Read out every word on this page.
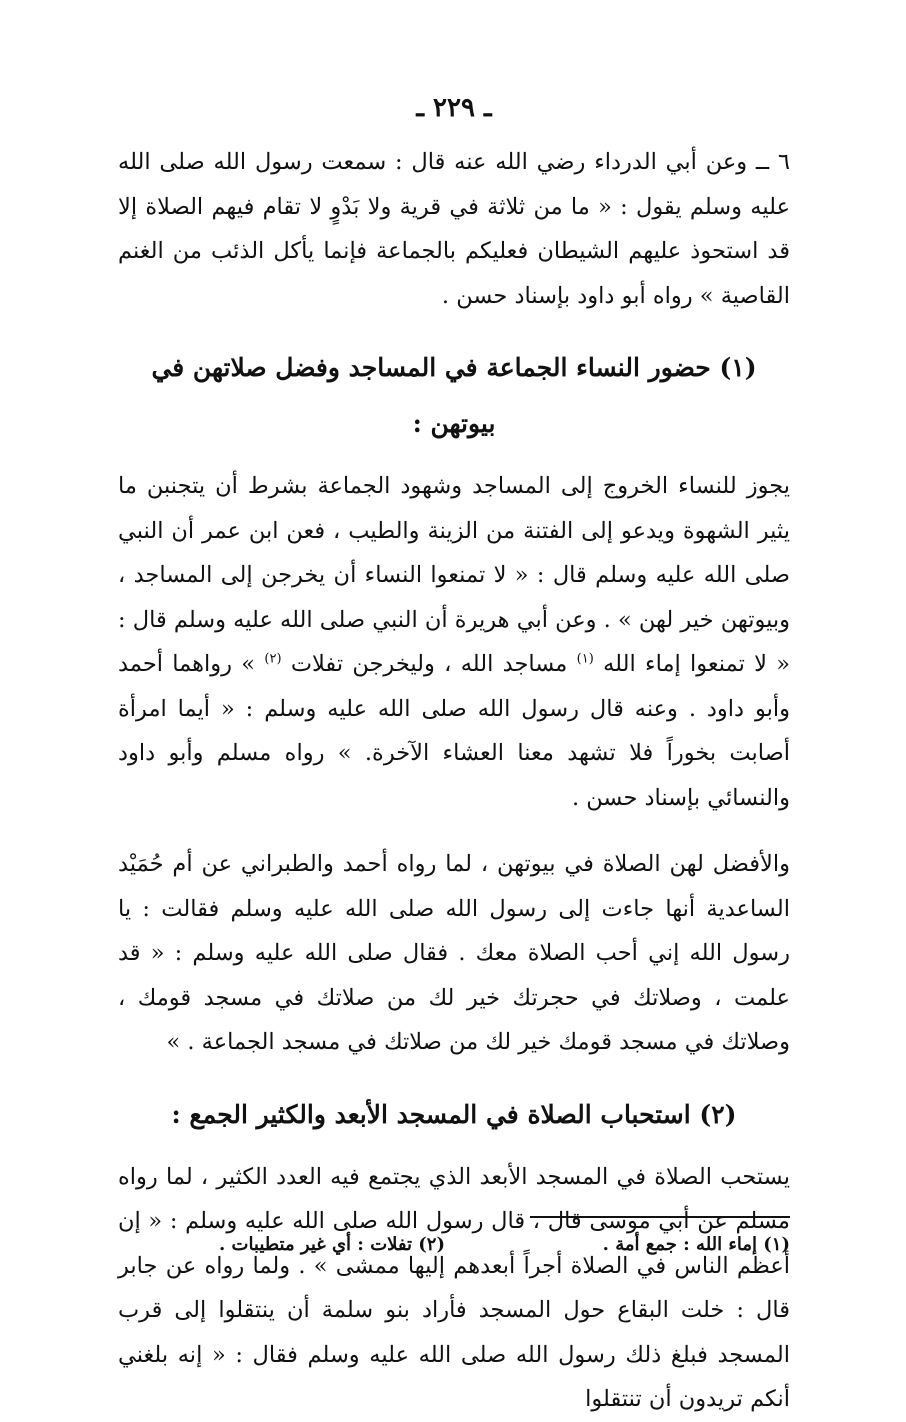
ـ ٢٢٩ ـ

٦ ــ وعن أبي الدرداء رضي الله عنه قال : سمعت رسول الله صلى الله عليه وسلم يقول : « ما من ثلاثة في قرية ولا بَدْوٍ لا تقام فيهم الصلاة إلا قد استحوذ عليهم الشيطان فعليكم بالجماعة فإنما يأكل الذئب من الغنم القاصية » رواه أبو داود بإسناد حسن .

(١) حضور النساء الجماعة في المساجد وفضل صلاتهن في بيوتهن :

يجوز للنساء الخروج إلى المساجد وشهود الجماعة بشرط أن يتجنبن ما يثير الشهوة ويدعو إلى الفتنة من الزينة والطيب ، فعن ابن عمر أن النبي صلى الله عليه وسلم قال : « لا تمنعوا النساء أن يخرجن إلى المساجد ، وبيوتهن خير لهن » . وعن أبي هريرة أن النبي صلى الله عليه وسلم قال : « لا تمنعوا إماء الله $^{(١)}$ مساجد الله ، وليخرجن تفلات $^{(٢)}$ » رواهما أحمد وأبو داود . وعنه قال رسول الله صلى الله عليه وسلم : « أيما امرأة أصابت بخوراً فلا تشهد معنا العشاء الآخرة. » رواه مسلم وأبو داود والنسائي بإسناد حسن .

والأفضل لهن الصلاة في بيوتهن ، لما رواه أحمد والطبراني عن أم حُمَيْد الساعدية أنها جاءت إلى رسول الله صلى الله عليه وسلم فقالت : يا رسول الله إني أحب الصلاة معك . فقال صلى الله عليه وسلم : « قد علمت ، وصلاتك في حجرتك خير لك من صلاتك في مسجد قومك ، وصلاتك في مسجد قومك خير لك من صلاتك في مسجد الجماعة . »

(٢) استحباب الصلاة في المسجد الأبعد والكثير الجمع :

يستحب الصلاة في المسجد الأبعد الذي يجتمع فيه العدد الكثير ، لما رواه مسلم عن أبي موسى قال ، قال رسول الله صلى الله عليه وسلم : « إن أعظم الناس في الصلاة أجراً أبعدهم إليها ممشى » . ولما رواه عن جابر قال : خلت البقاع حول المسجد فأراد بنو سلمة أن ينتقلوا إلى قرب المسجد فبلغ ذلك رسول الله صلى الله عليه وسلم فقال : « إنه بلغني أنكم تريدون أن تنتقلوا

(١) إماء الله : جمع أمة .
(٢) تفلات : أي غير متطيبات .
